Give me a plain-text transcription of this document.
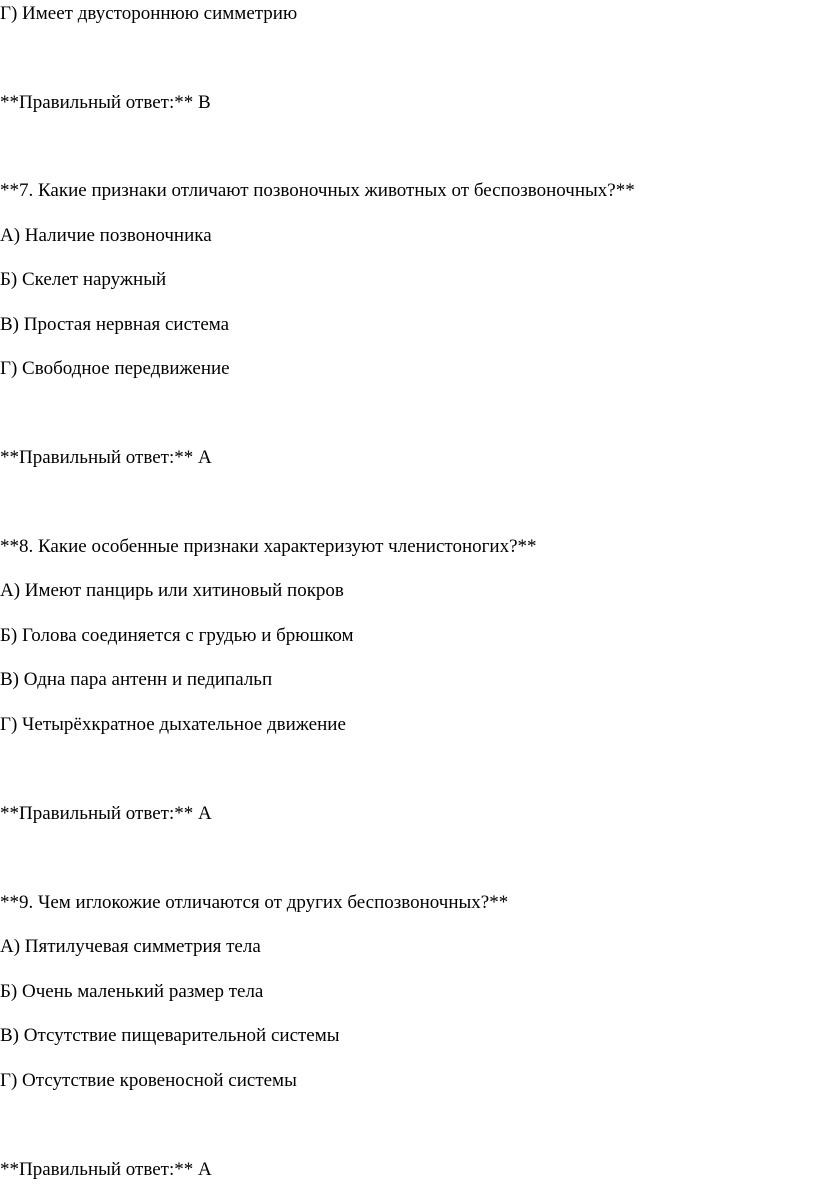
Г) Имеет двустороннюю симметрию
**Правильный ответ:** В
**7. Какие признаки отличают позвоночных животных от беспозвоночных?**
А) Наличие позвоночника
Б) Скелет наружный
В) Простая нервная система
Г) Свободное передвижение
**Правильный ответ:** А
**8. Какие особенные признаки характеризуют членистоногих?**
А) Имеют панцирь или хитиновый покров
Б) Голова соединяется с грудью и брюшком
В) Одна пара антенн и педипальп
Г) Четырёхкратное дыхательное движение
**Правильный ответ:** А
**9. Чем иглокожие отличаются от других беспозвоночных?**
А) Пятилучевая симметрия тела
Б) Очень маленький размер тела
В) Отсутствие пищеварительной системы
Г) Отсутствие кровеносной системы
**Правильный ответ:** А
